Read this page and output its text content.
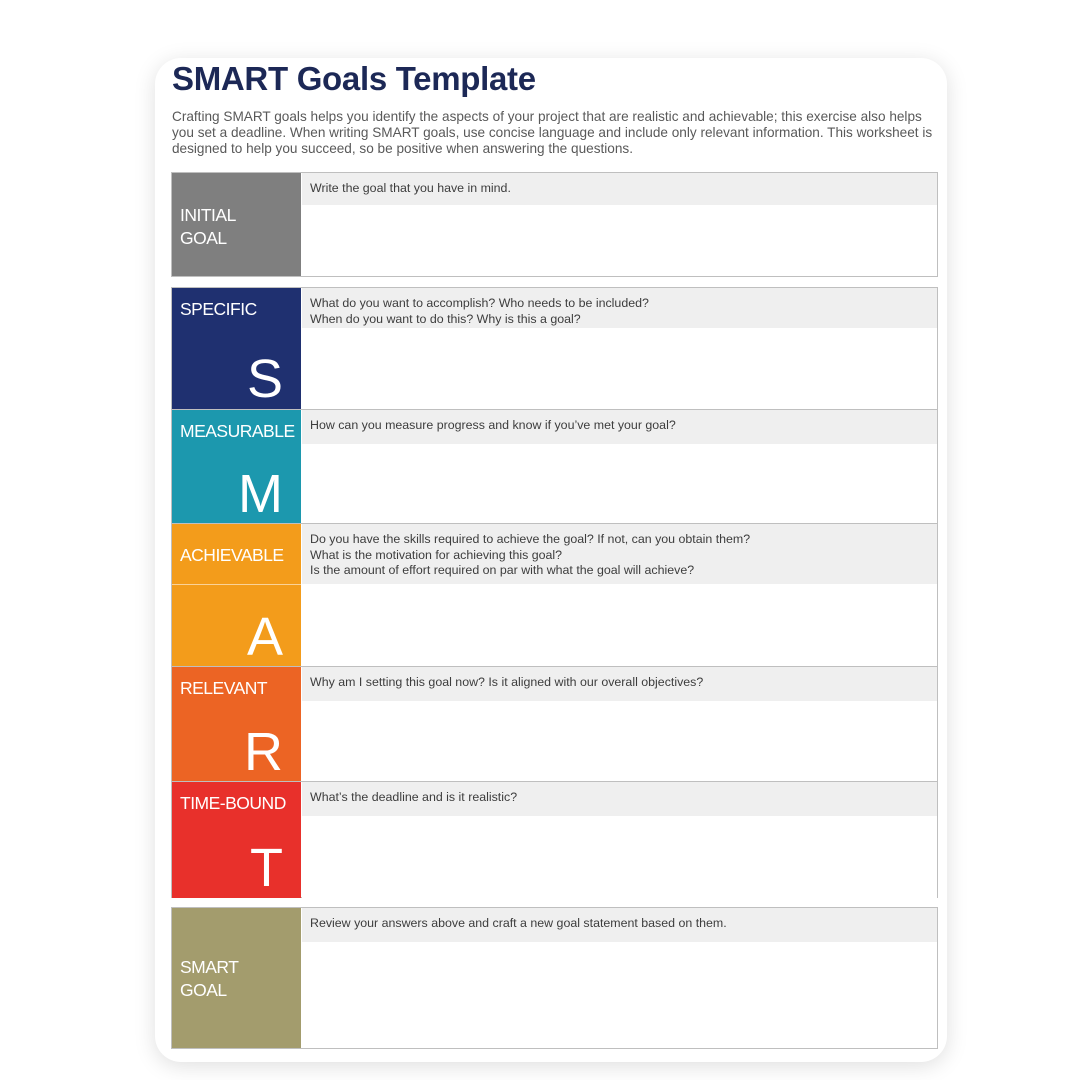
SMART Goals Template

Crafting SMART goals helps you identify the aspects of your project that are realistic and achievable; this exercise also helps you set a deadline. When writing SMART goals, use concise language and include only relevant information. This worksheet is designed to help you succeed, so be positive when answering the questions.

INITIAL
GOAL
Write the goal that you have in mind.
SPECIFIC
S
What do you want to accomplish? Who needs to be included?
When do you want to do this? Why is this a goal?
MEASURABLE
M
How can you measure progress and know if you’ve met your goal?
ACHIEVABLE
A
Do you have the skills required to achieve the goal? If not, can you obtain them?
What is the motivation for achieving this goal?
Is the amount of effort required on par with what the goal will achieve?
RELEVANT
R
Why am I setting this goal now? Is it aligned with our overall objectives?
TIME-BOUND
T
What’s the deadline and is it realistic?
SMART
GOAL
Review your answers above and craft a new goal statement based on them.
